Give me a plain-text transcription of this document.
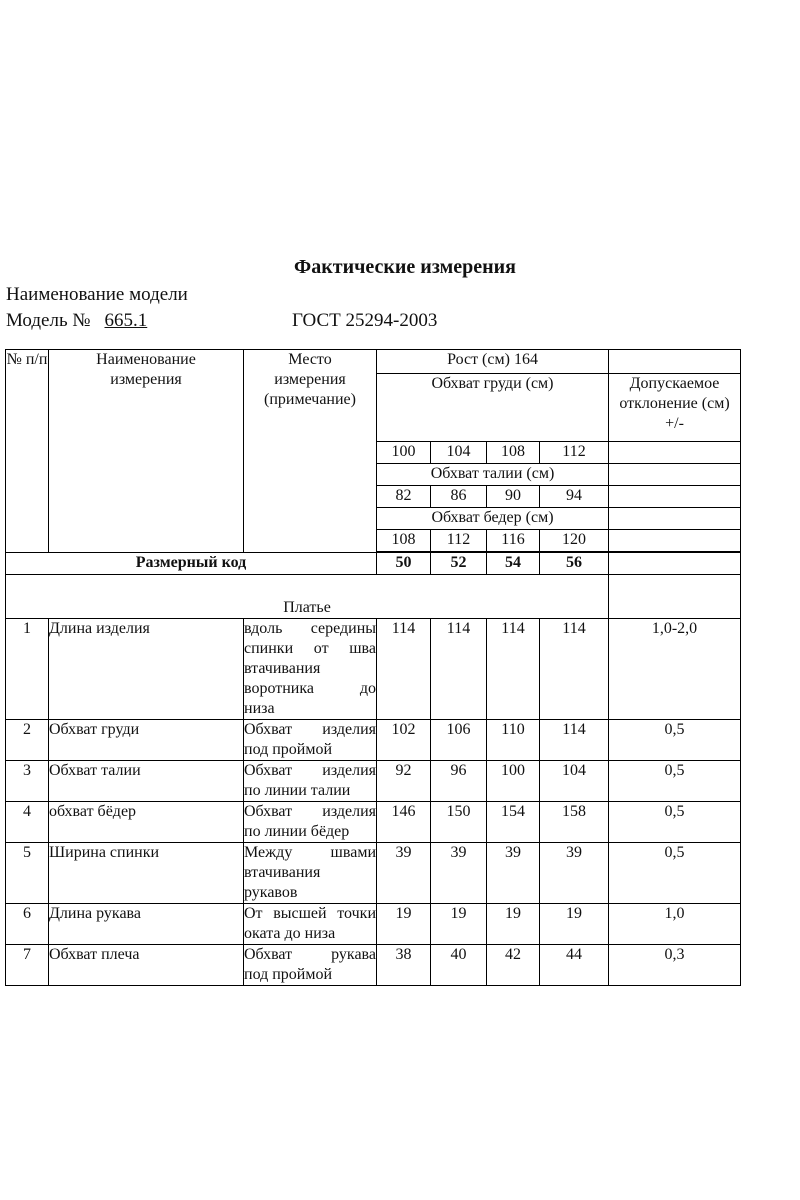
Фактические измерения
Наименование модели
Модель № 665.1	ГОСТ 25294-2003
№ п/п	Наименование измерения	Место измерения (примечание)	Рост (см) 164				
			Обхват груди (см)				Допускаемое отклонение (см) +/-
			100	104	108	112	
			Обхват талии (см)				
			82	86	90	94	
			Обхват бедер (см)				
			108	112	116	120	

Размерный код			50	52	54	56	
Платье							
1	Длина изделия	вдоль середины
спинки от шва
втачивания
воротника до
низа	114	114	114	114	1,0-2,0
2	Обхват груди	Обхват изделия
под проймой	102	106	110	114	0,5
3	Обхват талии	Обхват изделия
по линии талии	92	96	100	104	0,5
4	обхват бёдер	Обхват изделия
по линии бёдер	146	150	154	158	0,5
5	Ширина спинки	Между швами
втачивания
рукавов	39	39	39	39	0,5
6	Длина рукава	От высшей точки
оката до низа	19	19	19	19	1,0
7	Обхват плеча	Обхват рукава
под проймой	38	40	42	44	0,3
